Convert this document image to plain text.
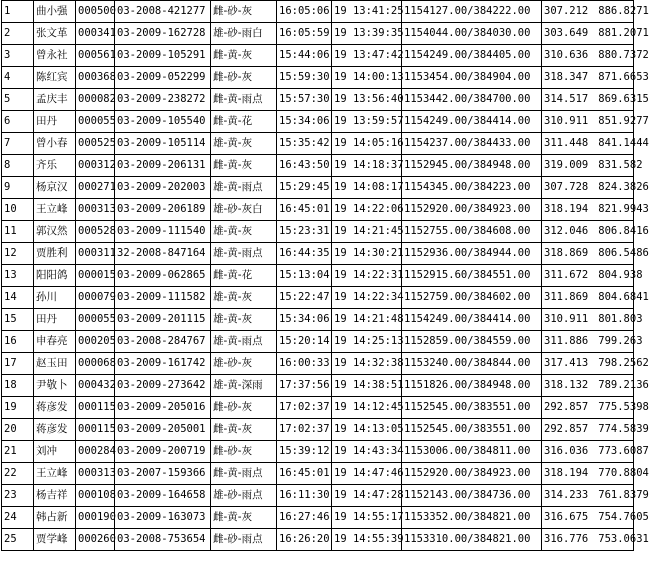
1	曲小强	000500	03-2008-421277	雌-砂-灰	16:05:06	19 13:41:25	1154127.00/384222.00	307.212 886.8271
2	张文革	000341	03-2009-162728	雄-砂-雨白	16:05:59	19 13:39:35	1154044.00/384030.00	303.649 881.2071
3	曾永社	000561	03-2009-105291	雌-黄-灰	15:44:06	19 13:47:42	1154249.00/384405.00	310.636 880.7372
4	陈红宾	000368	03-2009-052299	雌-砂-灰	15:59:30	19 14:00:13	1153454.00/384904.00	318.347 871.6653
5	孟庆丰	000082	03-2009-238272	雌-黄-雨点	15:57:30	19 13:56:40	1153442.00/384700.00	314.517 869.6315
6	田丹	000055	03-2009-105540	雌-黄-花	15:34:06	19 13:59:57	1154249.00/384414.00	310.911 851.9277
7	曾小春	000525	03-2009-105114	雄-黄-灰	15:35:42	19 14:05:16	1154237.00/384433.00	311.448 841.1444
8	齐乐	000312	03-2009-206131	雌-黄-灰	16:43:50	19 14:18:37	1152945.00/384948.00	319.009 831.582
9	杨京汉	000271	03-2009-202003	雄-黄-雨点	15:29:45	19 14:08:17	1154345.00/384223.00	307.728 824.3826
10	王立峰	000313	03-2009-206189	雄-砂-灰白	16:45:01	19 14:22:06	1152920.00/384923.00	318.194 821.9943
11	郭汉然	000528	03-2009-111540	雄-黄-灰	15:23:31	19 14:21:45	1152755.00/384608.00	312.046 806.8416
12	贾胜利	000311	32-2008-847164	雄-黄-雨点	16:44:35	19 14:30:21	1152936.00/384944.00	318.869 806.5486
13	阳阳鸽	000015	03-2009-062865	雌-黄-花	15:13:04	19 14:22:31	1152915.60/384551.00	311.672 804.938
14	孙川	000079	03-2009-111582	雄-黄-灰	15:22:47	19 14:22:34	1152759.00/384602.00	311.869 804.6841
15	田丹	000055	03-2009-201115	雄-黄-灰	15:34:06	19 14:21:48	1154249.00/384414.00	310.911 801.803
16	申春亮	000205	03-2008-284767	雄-黄-雨点	15:20:14	19 14:25:13	1152859.00/384559.00	311.886 799.263
17	赵玉田	000068	03-2009-161742	雄-砂-灰	16:00:33	19 14:32:38	1153240.00/384844.00	317.413 798.2562
18	尹敬卜	000432	03-2009-273642	雄-黄-深雨	17:37:56	19 14:38:51	1151826.00/384948.00	318.132 789.2136
19	蒋彦发	000115	03-2009-205016	雌-砂-灰	17:02:37	19 14:12:45	1152545.00/383551.00	292.857 775.5398
20	蒋彦发	000115	03-2009-205001	雌-黄-灰	17:02:37	19 14:13:05	1152545.00/383551.00	292.857 774.5839
21	刘冲	000284	03-2009-200719	雌-砂-灰	15:39:12	19 14:43:34	1153006.00/384811.00	316.036 773.6087
22	王立峰	000313	03-2007-159366	雌-黄-雨点	16:45:01	19 14:47:46	1152920.00/384923.00	318.194 770.8804
23	杨吉祥	000108	03-2009-164658	雄-砂-雨点	16:11:30	19 14:47:28	1152143.00/384736.00	314.233 761.8379
24	韩占新	000190	03-2009-163073	雌-黄-灰	16:27:46	19 14:55:17	1153352.00/384821.00	316.675 754.7605
25	贾学峰	000260	03-2008-753654	雌-砂-雨点	16:26:20	19 14:55:39	1153310.00/384821.00	316.776 753.0631
